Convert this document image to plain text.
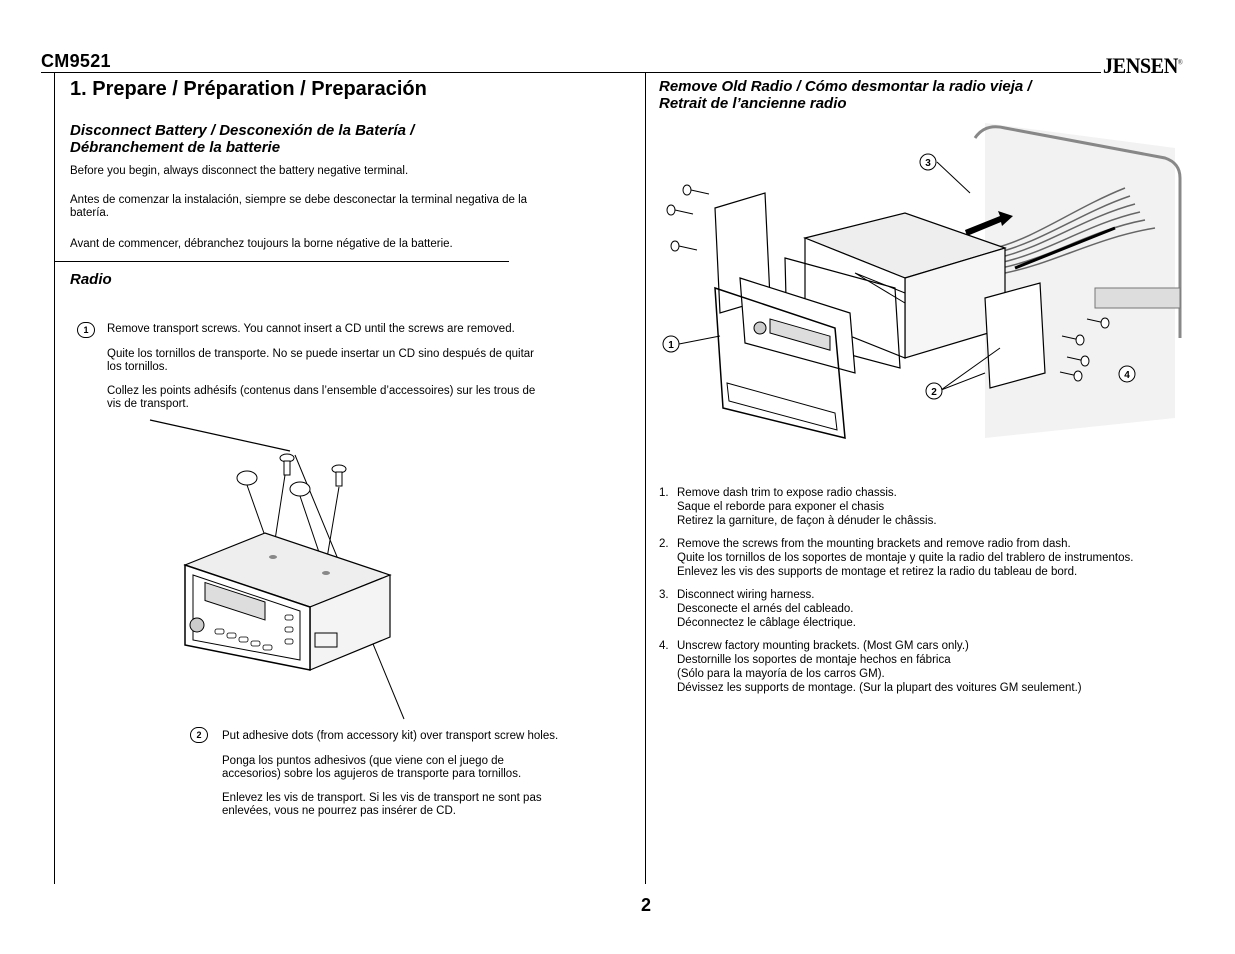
CM9521	JENSEN®
1. Prepare / Préparation / Preparación
Disconnect Battery / Desconexión de la Batería /
Débranchement de la batterie
Before you begin, always disconnect the battery negative terminal.
Antes de comenzar la instalación, siempre se debe desconectar la terminal negativa de la
batería.
Avant de commencer, débranchez toujours la borne négative de la batterie.
Radio
1	Remove transport screws. You cannot insert a CD until the screws are removed.
Quite los tornillos de transporte. No se puede insertar un CD sino después de quitar
los tornillos.
Collez les points adhésifs (contenus dans l’ensemble d’accessoires) sur les trous de
vis de transport.
2	Put adhesive dots (from accessory kit) over transport screw holes.
Ponga los puntos adhesivos (que viene con el juego de
accesorios) sobre los agujeros de transporte para tornillos.
Enlevez les vis de transport. Si les vis de transport ne sont pas
enlevées, vous ne pourrez pas insérer de CD.
Remove Old Radio / Cómo desmontar la radio vieja /
Retrait de l’ancienne radio
1
2
3
4
1. Remove dash trim to expose radio chassis.
Saque el reborde para exponer el chasis
Retirez la garniture, de façon à dénuder le châssis.
2. Remove the screws from the mounting brackets and remove radio from dash.
Quite los tornillos de los soportes de montaje y quite la radio del trablero de instrumentos.
Enlevez les vis des supports de montage et retirez la radio du tableau de bord.
3. Disconnect wiring harness.
Desconecte el arnés del cableado.
Déconnectez le câblage électrique.
4. Unscrew factory mounting brackets. (Most GM cars only.)
Destornille los soportes de montaje hechos en fábrica
(Sólo para la mayoría de los carros GM).
Dévissez les supports de montage. (Sur la plupart des voitures GM seulement.)
2
